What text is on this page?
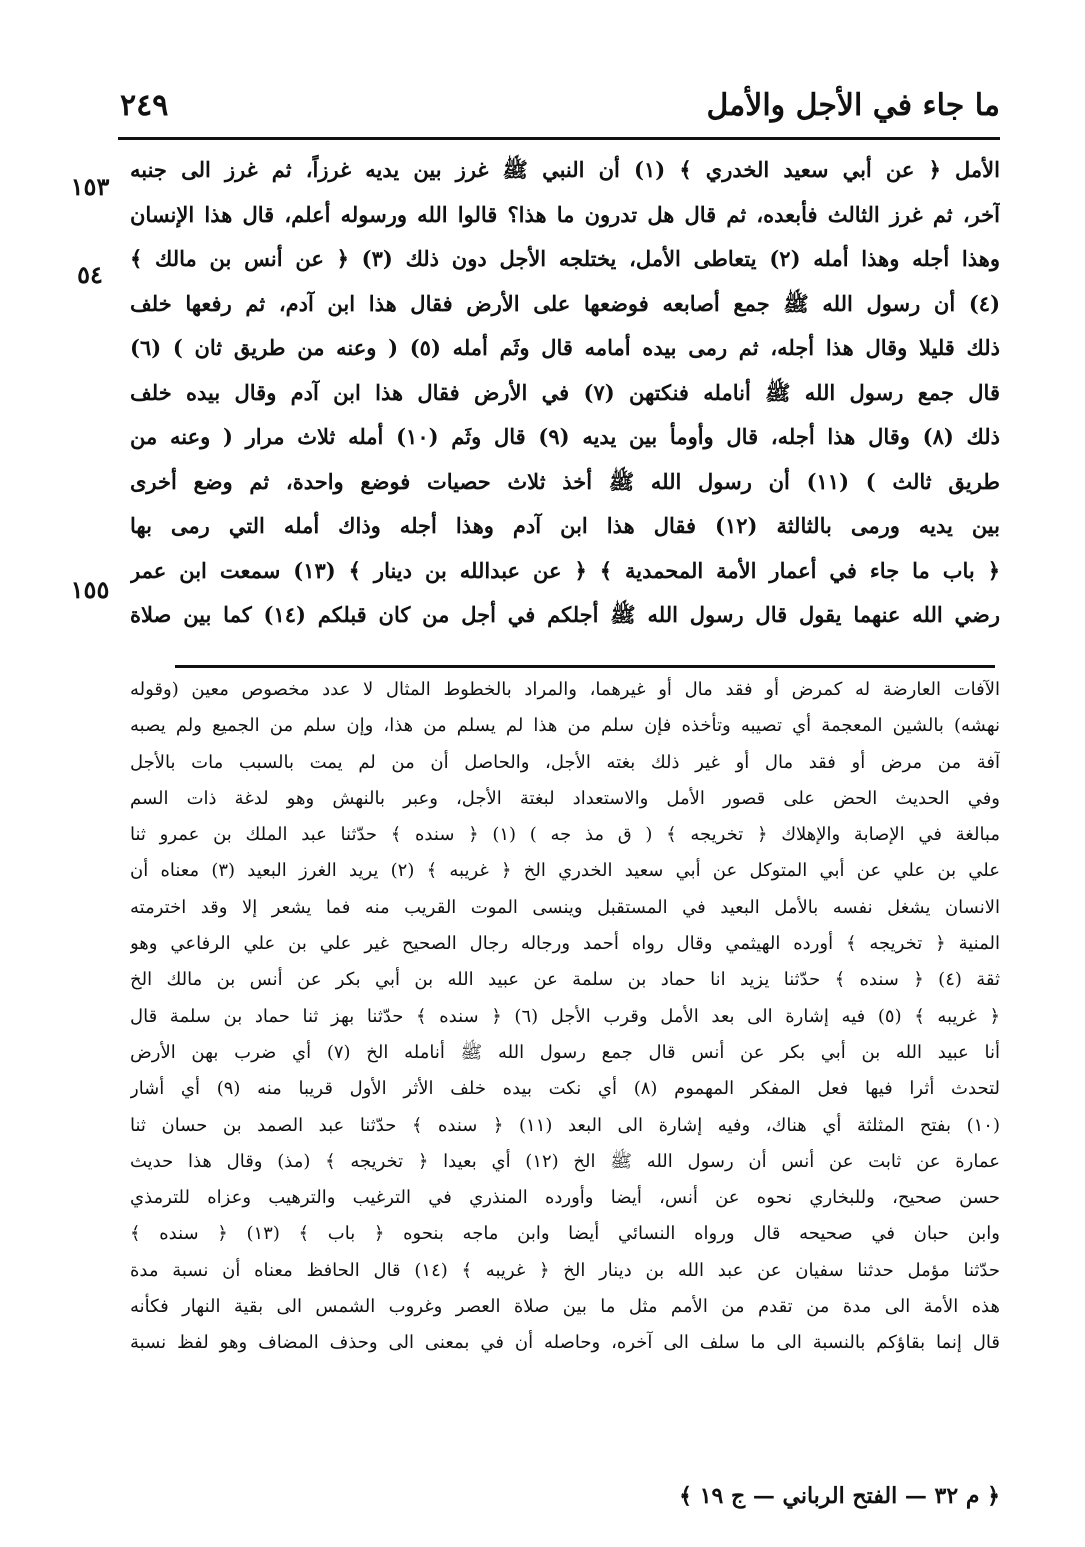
ما جاء في الأجل والأمل
٢٤٩
١٥٣
٥٤
١٥٥
الأمل ﴿ عن أبي سعيد الخدري ﴾ (١) أن النبي ﷺ غرز بين يديه غرزاً، ثم غرز الى جنبه
آخر، ثم غرز الثالث فأبعده، ثم قال هل تدرون ما هذا؟ قالوا الله ورسوله أعلم، قال هذا الإنسان
وهذا أجله وهذا أمله (٢) يتعاطى الأمل، يختلجه الأجل دون ذلك (٣) ﴿ عن أنس بن مالك ﴾
(٤) أن رسول الله ﷺ جمع أصابعه فوضعها على الأرض فقال هذا ابن آدم، ثم رفعها خلف
ذلك قليلا وقال هذا أجله، ثم رمى بيده أمامه قال وثَم أمله (٥) ( وعنه من طريق ثان ) (٦)
قال جمع رسول الله ﷺ أنامله فنكتهن (٧) في الأرض فقال هذا ابن آدم وقال بيده خلف
ذلك (٨) وقال هذا أجله، قال وأومأ بين يديه (٩) قال وثَم (١٠) أمله ثلاث مرار ( وعنه من
طريق ثالث ) (١١) أن رسول الله ﷺ أخذ ثلاث حصيات فوضع واحدة، ثم وضع أخرى
بين يديه ورمى بالثالثة (١٢) فقال هذا ابن آدم وهذا أجله وذاك أمله التي رمى بها
﴿ باب ما جاء في أعمار الأمة المحمدية ﴾ ﴿ عن عبدالله بن دينار ﴾ (١٣) سمعت ابن عمر
رضي الله عنهما يقول قال رسول الله ﷺ أجلكم في أجل من كان قبلكم (١٤) كما بين صلاة
الآفات العارضة له كمرض أو فقد مال أو غيرهما، والمراد بالخطوط المثال لا عدد مخصوص معين (وقوله
نهشه) بالشين المعجمة أي تصيبه وتأخذه فإن سلم من هذا لم يسلم من هذا، وإن سلم من الجميع ولم يصبه
آفة من مرض أو فقد مال أو غير ذلك بغته الأجل، والحاصل أن من لم يمت بالسبب مات بالأجل
وفي الحديث الحض على قصور الأمل والاستعداد لبغتة الأجل، وعبر بالنهش وهو لدغة ذات السم
مبالغة في الإصابة والإهلاك ﴿ تخريجه ﴾ ( ق مذ جه ) (١) ﴿ سنده ﴾ حدّثنا عبد الملك بن عمرو ثنا
علي بن علي عن أبي المتوكل عن أبي سعيد الخدري الخ ﴿ غريبه ﴾ (٢) يريد الغرز البعيد (٣) معناه أن
الانسان يشغل نفسه بالأمل البعيد في المستقبل وينسى الموت القريب منه فما يشعر إلا وقد اخترمته
المنية ﴿ تخريجه ﴾ أورده الهيثمي وقال رواه أحمد ورجاله رجال الصحيح غير علي بن علي الرفاعي وهو
ثقة (٤) ﴿ سنده ﴾ حدّثنا يزيد انا حماد بن سلمة عن عبيد الله بن أبي بكر عن أنس بن مالك الخ
﴿ غريبه ﴾ (٥) فيه إشارة الى بعد الأمل وقرب الأجل (٦) ﴿ سنده ﴾ حدّثنا بهز ثنا حماد بن سلمة قال
أنا عبيد الله بن أبي بكر عن أنس قال جمع رسول الله ﷺ أنامله الخ (٧) أي ضرب بهن الأرض
لتحدث أثرا فيها فعل المفكر المهموم (٨) أي نكت بيده خلف الأثر الأول قريبا منه (٩) أي أشار
(١٠) بفتح المثلثة أي هناك، وفيه إشارة الى البعد (١١) ﴿ سنده ﴾ حدّثنا عبد الصمد بن حسان ثنا
عمارة عن ثابت عن أنس أن رسول الله ﷺ الخ (١٢) أي بعيدا ﴿ تخريجه ﴾ (مذ) وقال هذا حديث
حسن صحيح، وللبخاري نحوه عن أنس، أيضا وأورده المنذري في الترغيب والترهيب وعزاه للترمذي
وابن حبان في صحيحه قال ورواه النسائي أيضا وابن ماجه بنحوه ﴿ باب ﴾ (١٣) ﴿ سنده ﴾
حدّثنا مؤمل حدثنا سفيان عن عبد الله بن دينار الخ ﴿ غريبه ﴾ (١٤) قال الحافظ معناه أن نسبة مدة
هذه الأمة الى مدة من تقدم من الأمم مثل ما بين صلاة العصر وغروب الشمس الى بقية النهار فكأنه
قال إنما بقاؤكم بالنسبة الى ما سلف الى آخره، وحاصله أن في بمعنى الى وحذف المضاف وهو لفظ نسبة
﴿ م ٣٢ — الفتح الرباني — ج ١٩ ﴾
